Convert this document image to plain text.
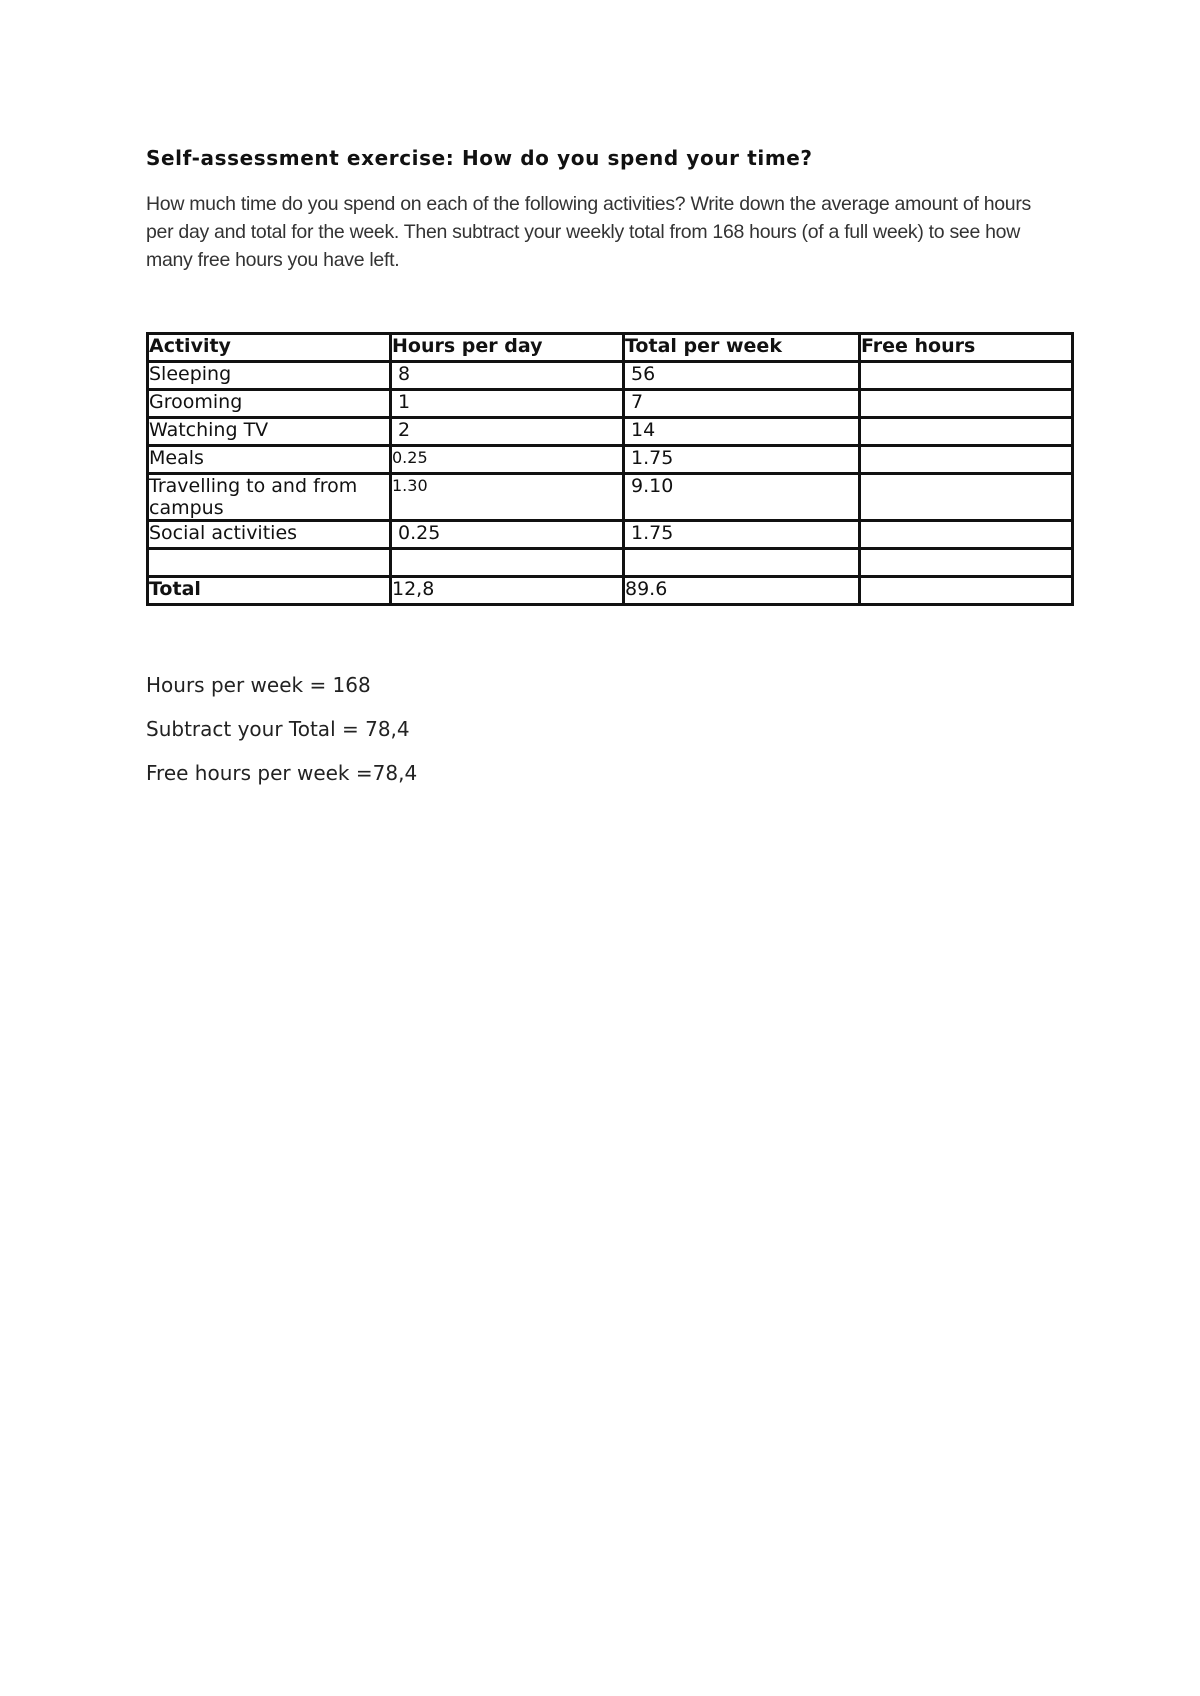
Self-assessment exercise: How do you spend your time?

How much time do you spend on each of the following activities? Write down the average amount of hours per day and total for the week. Then subtract your weekly total from 168 hours (of a full week) to see how many free hours you have left.

Activity	Hours per day	Total per week	Free hours
Sleeping	8	56	
Grooming	1	7	
Watching TV	2	14	
Meals	0.25	1.75	
Travelling to and from campus	1.30	9.10	
Social activities	0.25	1.75	

Total	12,8	89.6	

Hours per week = 168

Subtract your Total = 78,4

Free hours per week =78,4
